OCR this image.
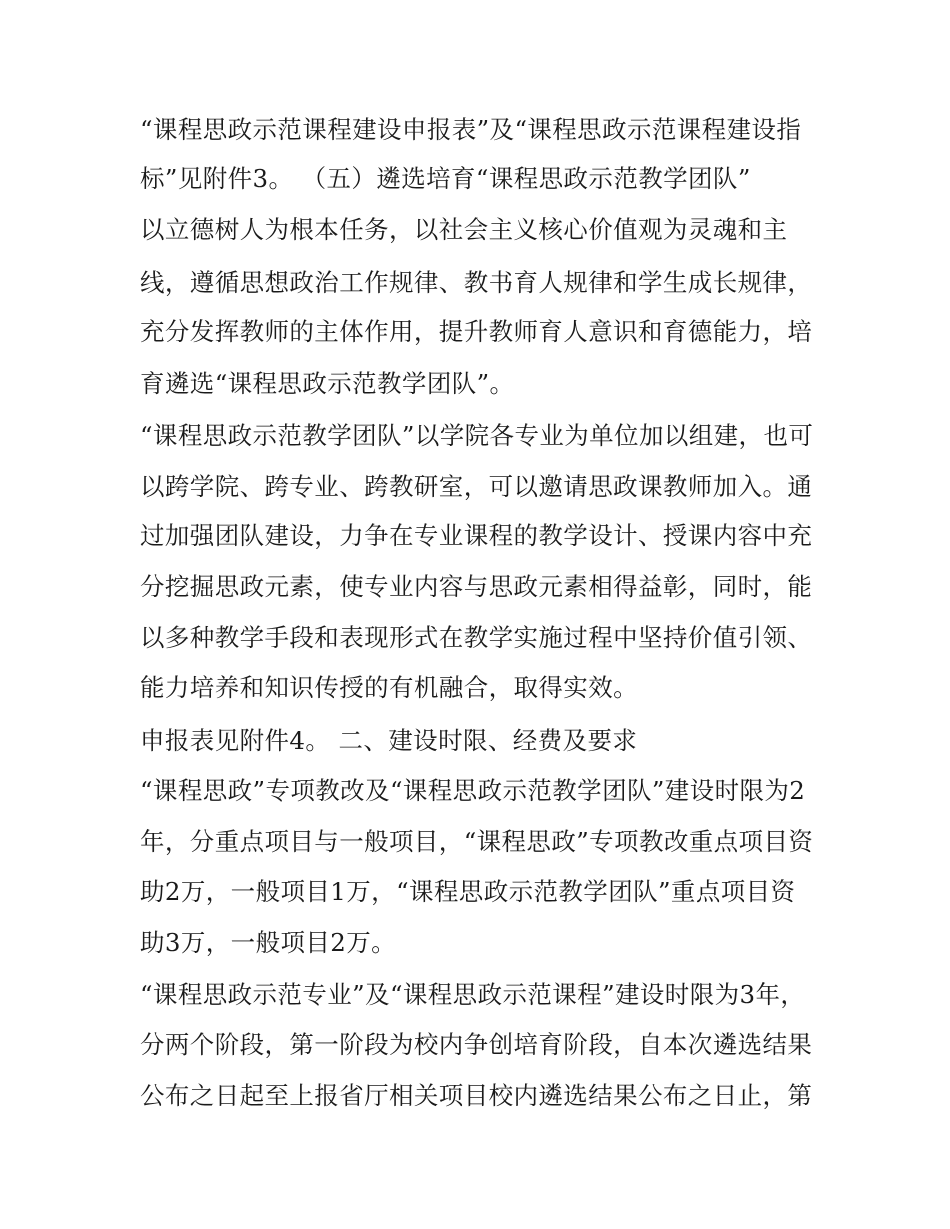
“课程思政示范课程建设申报表”及“课程思政示范课程建设指
标”见附件3。 （五）遴选培育“课程思政示范教学团队”
以立德树人为根本任务，以社会主义核心价值观为灵魂和主
线，遵循思想政治工作规律、教书育人规律和学生成长规律，
充分发挥教师的主体作用，提升教师育人意识和育德能力，培
育遴选“课程思政示范教学团队”。
“课程思政示范教学团队”以学院各专业为单位加以组建，也可
以跨学院、跨专业、跨教研室，可以邀请思政课教师加入。通
过加强团队建设，力争在专业课程的教学设计、授课内容中充
分挖掘思政元素，使专业内容与思政元素相得益彰，同时，能
以多种教学手段和表现形式在教学实施过程中坚持价值引领、
能力培养和知识传授的有机融合，取得实效。
申报表见附件4。 二、建设时限、经费及要求
“课程思政”专项教改及“课程思政示范教学团队”建设时限为2
年，分重点项目与一般项目，“课程思政”专项教改重点项目资
助2万，一般项目1万，“课程思政示范教学团队”重点项目资
助3万，一般项目2万。
“课程思政示范专业”及“课程思政示范课程”建设时限为3年，
分两个阶段，第一阶段为校内争创培育阶段，自本次遴选结果
公布之日起至上报省厅相关项目校内遴选结果公布之日止，第
